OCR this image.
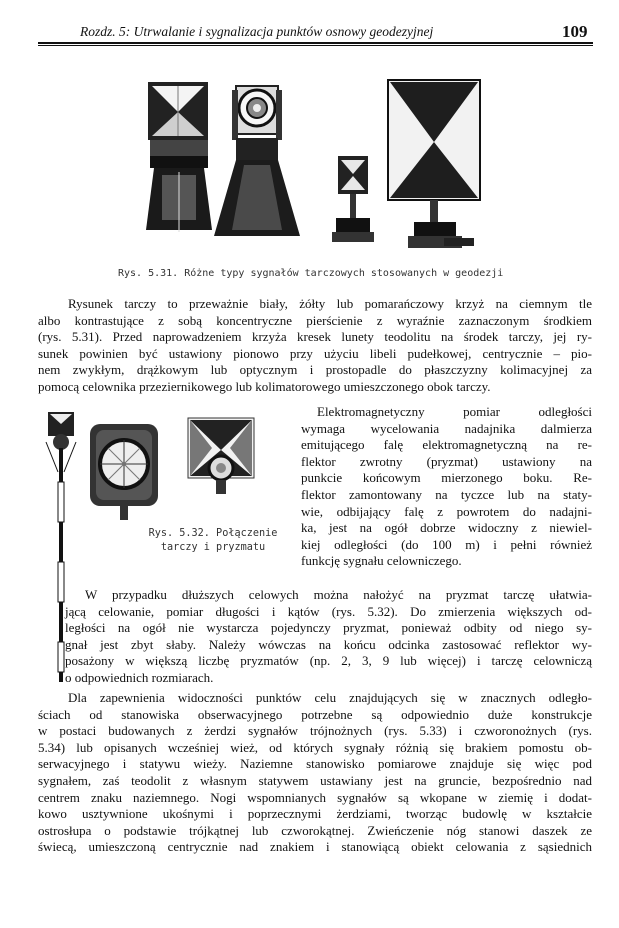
Rozdz. 5: Utrwalanie i sygnalizacja punktów osnowy geodezyjnej	109
Rys. 5.31. Różne typy sygnałów tarczowych stosowanych w geodezji
Rysunek tarczy to przeważnie biały, żółty lub pomarańczowy krzyż na ciemnym tle
albo kontrastujące z sobą koncentryczne pierścienie z wyraźnie zaznaczonym środkiem
(rys. 5.31). Przed naprowadzeniem krzyża kresek lunety teodolitu na środek tarczy, jej ry-
sunek powinien być ustawiony pionowo przy użyciu libeli pudełkowej, centrycznie – pio-
nem zwykłym, drążkowym lub optycznym i prostopadle do płaszczyzny kolimacyjnej za
pomocą celownika przeziernikowego lub kolimatorowego umieszczonego obok tarczy.
Rys. 5.32. Połączenie
tarczy i pryzmatu
Elektromagnetyczny pomiar odległości
wymaga wycelowania nadajnika dalmierza
emitującego falę elektromagnetyczną na re-
flektor zwrotny (pryzmat) ustawiony na
punkcie końcowym mierzonego boku. Re-
flektor zamontowany na tyczce lub na staty-
wie, odbijający falę z powrotem do nadajni-
ka, jest na ogół dobrze widoczny z niewiel-
kiej odległości (do 100 m) i pełni również
funkcję sygnału celowniczego.
W przypadku dłuższych celowych można nałożyć na pryzmat tarczę ułatwia-
jącą celowanie, pomiar długości i kątów (rys. 5.32). Do zmierzenia większych od-
ległości na ogół nie wystarcza pojedynczy pryzmat, ponieważ odbity od niego sy-
gnał jest zbyt słaby. Należy wówczas na końcu odcinka zastosować reflektor wy-
posażony w większą liczbę pryzmatów (np. 2, 3, 9 lub więcej) i tarczę celowniczą
o odpowiednich rozmiarach.
Dla zapewnienia widoczności punktów celu znajdujących się w znacznych odległo-
ściach od stanowiska obserwacyjnego potrzebne są odpowiednio duże konstrukcje
w postaci budowanych z żerdzi sygnałów trójnożnych (rys. 5.33) i czworonożnych (rys.
5.34) lub opisanych wcześniej wież, od których sygnały różnią się brakiem pomostu ob-
serwacyjnego i statywu wieży. Naziemne stanowisko pomiarowe znajduje się więc pod
sygnałem, zaś teodolit z własnym statywem ustawiany jest na gruncie, bezpośrednio nad
centrem znaku naziemnego. Nogi wspomnianych sygnałów są wkopane w ziemię i dodat-
kowo usztywnione ukośnymi i poprzecznymi żerdziami, tworząc budowlę w kształcie
ostrosłupa o podstawie trójkątnej lub czworokątnej. Zwieńczenie nóg stanowi daszek ze
świecą, umieszczoną centrycznie nad znakiem i stanowiącą obiekt celowania z sąsiednich
